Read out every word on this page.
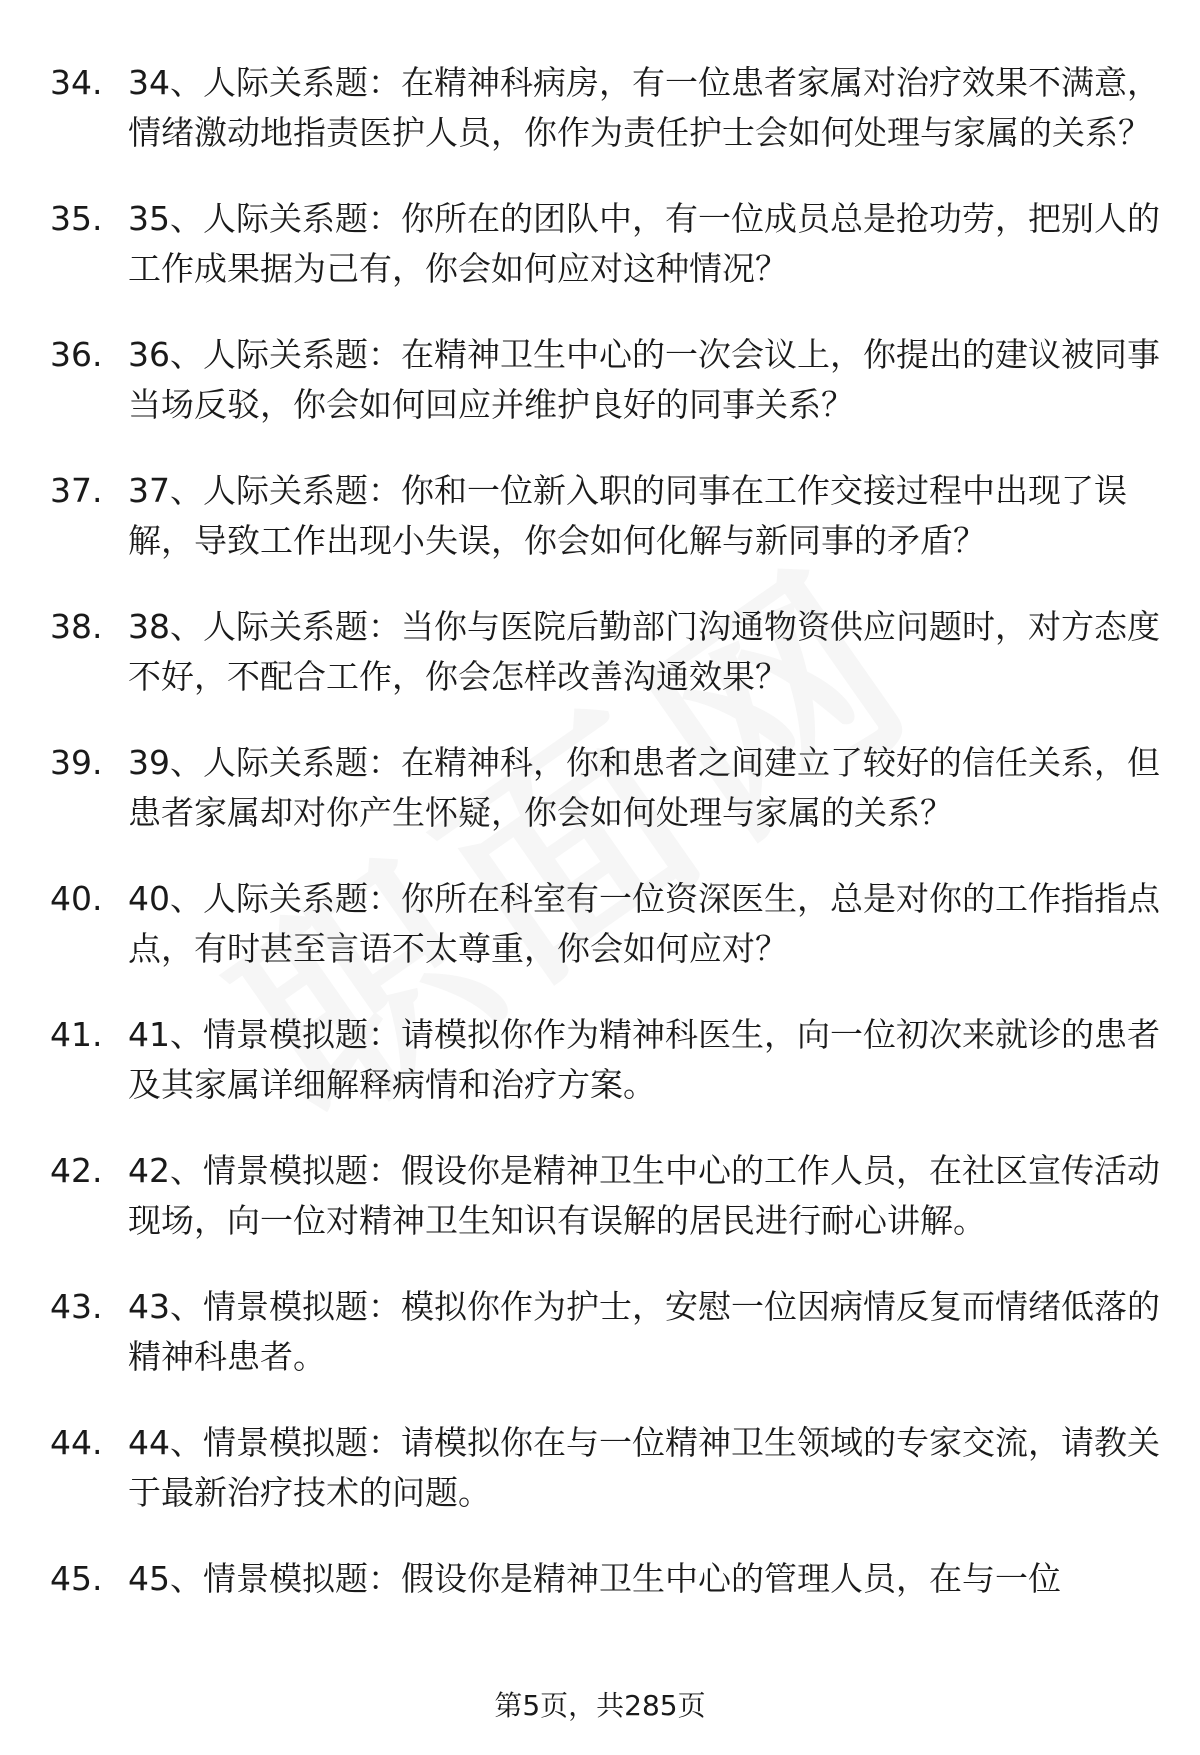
34. 34、人际关系题：在精神科病房，有一位患者家属对治疗效果不满意，情绪激动地指责医护人员，你作为责任护士会如何处理与家属的关系？
35. 35、人际关系题：你所在的团队中，有一位成员总是抢功劳，把别人的工作成果据为己有，你会如何应对这种情况？
36. 36、人际关系题：在精神卫生中心的一次会议上，你提出的建议被同事当场反驳，你会如何回应并维护良好的同事关系？
37. 37、人际关系题：你和一位新入职的同事在工作交接过程中出现了误解，导致工作出现小失误，你会如何化解与新同事的矛盾？
38. 38、人际关系题：当你与医院后勤部门沟通物资供应问题时，对方态度不好，不配合工作，你会怎样改善沟通效果？
39. 39、人际关系题：在精神科，你和患者之间建立了较好的信任关系，但患者家属却对你产生怀疑，你会如何处理与家属的关系？
40. 40、人际关系题：你所在科室有一位资深医生，总是对你的工作指指点点，有时甚至言语不太尊重，你会如何应对？
41. 41、情景模拟题：请模拟你作为精神科医生，向一位初次来就诊的患者及其家属详细解释病情和治疗方案。
42. 42、情景模拟题：假设你是精神卫生中心的工作人员，在社区宣传活动现场，向一位对精神卫生知识有误解的居民进行耐心讲解。
43. 43、情景模拟题：模拟你作为护士，安慰一位因病情反复而情绪低落的精神科患者。
44. 44、情景模拟题：请模拟你在与一位精神卫生领域的专家交流，请教关于最新治疗技术的问题。
45. 45、情景模拟题：假设你是精神卫生中心的管理人员，在与一位
第5页，共285页
